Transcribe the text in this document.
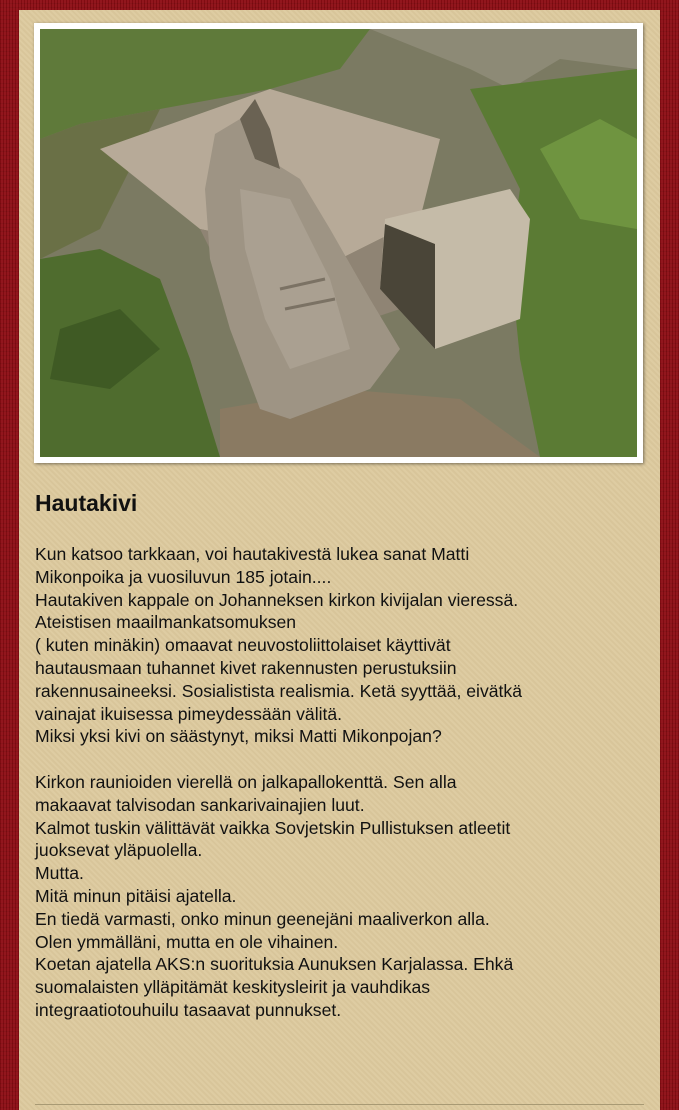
Hautakivi

Kun katsoo tarkkaan, voi hautakivestä lukea sanat Matti

Mikonpoika ja vuosiluvun 185 jotain....

Hautakiven kappale on Johanneksen kirkon kivijalan vieressä.

Ateistisen maailmankatsomuksen

( kuten minäkin) omaavat neuvostoliittolaiset käyttivät

hautausmaan tuhannet kivet rakennusten perustuksiin

rakennusaineeksi. Sosialistista realismia. Ketä syyttää, eivätkä

vainajat ikuisessa pimeydessään välitä.

Miksi yksi kivi on säästynyt, miksi Matti Mikonpojan?

Kirkon raunioiden vierellä on jalkapallokenttä. Sen alla

makaavat talvisodan sankarivainajien luut.

Kalmot tuskin välittävät vaikka Sovjetskin Pullistuksen atleetit

juoksevat yläpuolella.

Mutta.

Mitä minun pitäisi ajatella.

En tiedä varmasti, onko minun geenejäni maaliverkon alla.

Olen ymmälläni, mutta en ole vihainen.

Koetan ajatella AKS:n suorituksia Aunuksen Karjalassa. Ehkä

suomalaisten ylläpitämät keskitysleirit ja vauhdikas

integraatiotouhuilu tasaavat punnukset.
